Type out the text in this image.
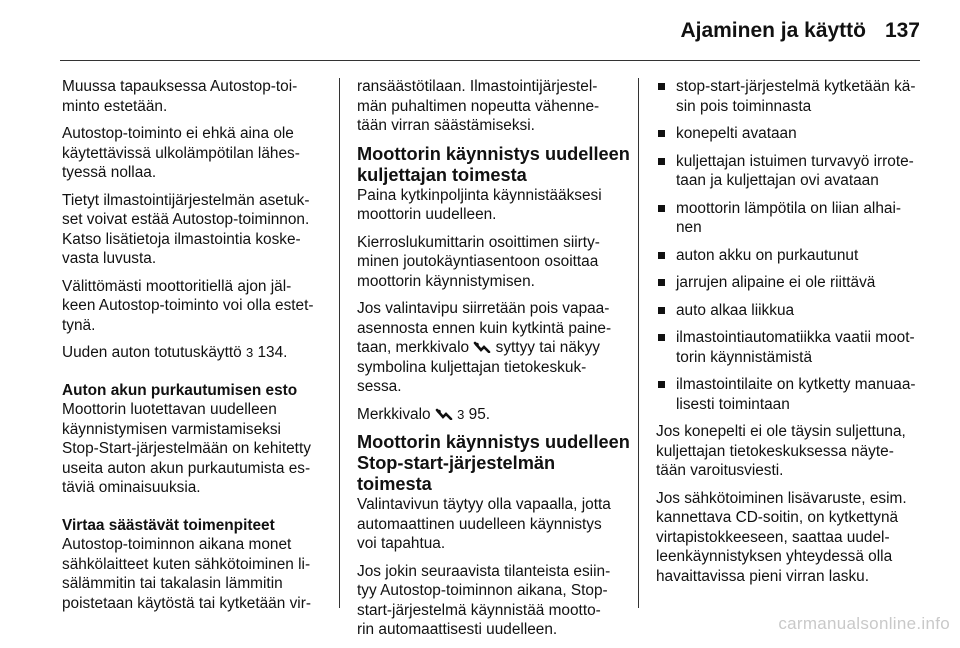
Ajaminen ja käyttö 137

Muussa tapauksessa Autostop-toi-
minto estetään.

Autostop-toiminto ei ehkä aina ole
käytettävissä ulkolämpötilan lähes-
tyessä nollaa.

Tietyt ilmastointijärjestelmän asetuk-
set voivat estää Autostop-toiminnon.
Katso lisätietoja ilmastointia koske-
vasta luvusta.

Välittömästi moottoritiellä ajon jäl-
keen Autostop-toiminto voi olla estet-
tynä.

Uuden auton totutuskäyttö 3 134.

Auton akun purkautumisen esto
Moottorin luotettavan uudelleen
käynnistymisen varmistamiseksi
Stop-Start-järjestelmään on kehitetty
useita auton akun purkautumista es-
täviä ominaisuuksia.

Virtaa säästävät toimenpiteet
Autostop-toiminnon aikana monet
sähkölaitteet kuten sähkötoiminen li-
sälämmitin tai takalasin lämmitin
poistetaan käytöstä tai kytketään vir-

ransäästötilaan. Ilmastointijärjestel-
män puhaltimen nopeutta vähenne-
tään virran säästämiseksi.

Moottorin käynnistys uudelleen
kuljettajan toimesta

Paina kytkinpoljinta käynnistääksesi
moottorin uudelleen.

Kierroslukumittarin osoittimen siirty-
minen joutokäyntiasentoon osoittaa
moottorin käynnistymisen.

Jos valintavipu siirretään pois vapaa-
asennosta ennen kuin kytkintä paine-
taan, merkkivalo syttyy tai näkyy
symbolina kuljettajan tietokeskuk-
sessa.

Merkkivalo 3 95.

Moottorin käynnistys uudelleen
Stop-start-järjestelmän
toimesta

Valintavivun täytyy olla vapaalla, jotta
automaattinen uudelleen käynnistys
voi tapahtua.

Jos jokin seuraavista tilanteista esiin-
tyy Autostop-toiminnon aikana, Stop-
start-järjestelmä käynnistää mootto-
rin automaattisesti uudelleen.

stop-start-järjestelmä kytketään kä-
sin pois toiminnasta
konepelti avataan
kuljettajan istuimen turvavyö irrote-
taan ja kuljettajan ovi avataan
moottorin lämpötila on liian alhai-
nen
auton akku on purkautunut
jarrujen alipaine ei ole riittävä
auto alkaa liikkua
ilmastointiautomatiikka vaatii moot-
torin käynnistämistä
ilmastointilaite on kytketty manuaa-
lisesti toimintaan

Jos konepelti ei ole täysin suljettuna,
kuljettajan tietokeskuksessa näyte-
tään varoitusviesti.

Jos sähkötoiminen lisävaruste, esim.
kannettava CD-soitin, on kytkettynä
virtapistokkeeseen, saattaa uudel-
leenkäynnistyksen yhteydessä olla
havaittavissa pieni virran lasku.

carmanualsonline.info
